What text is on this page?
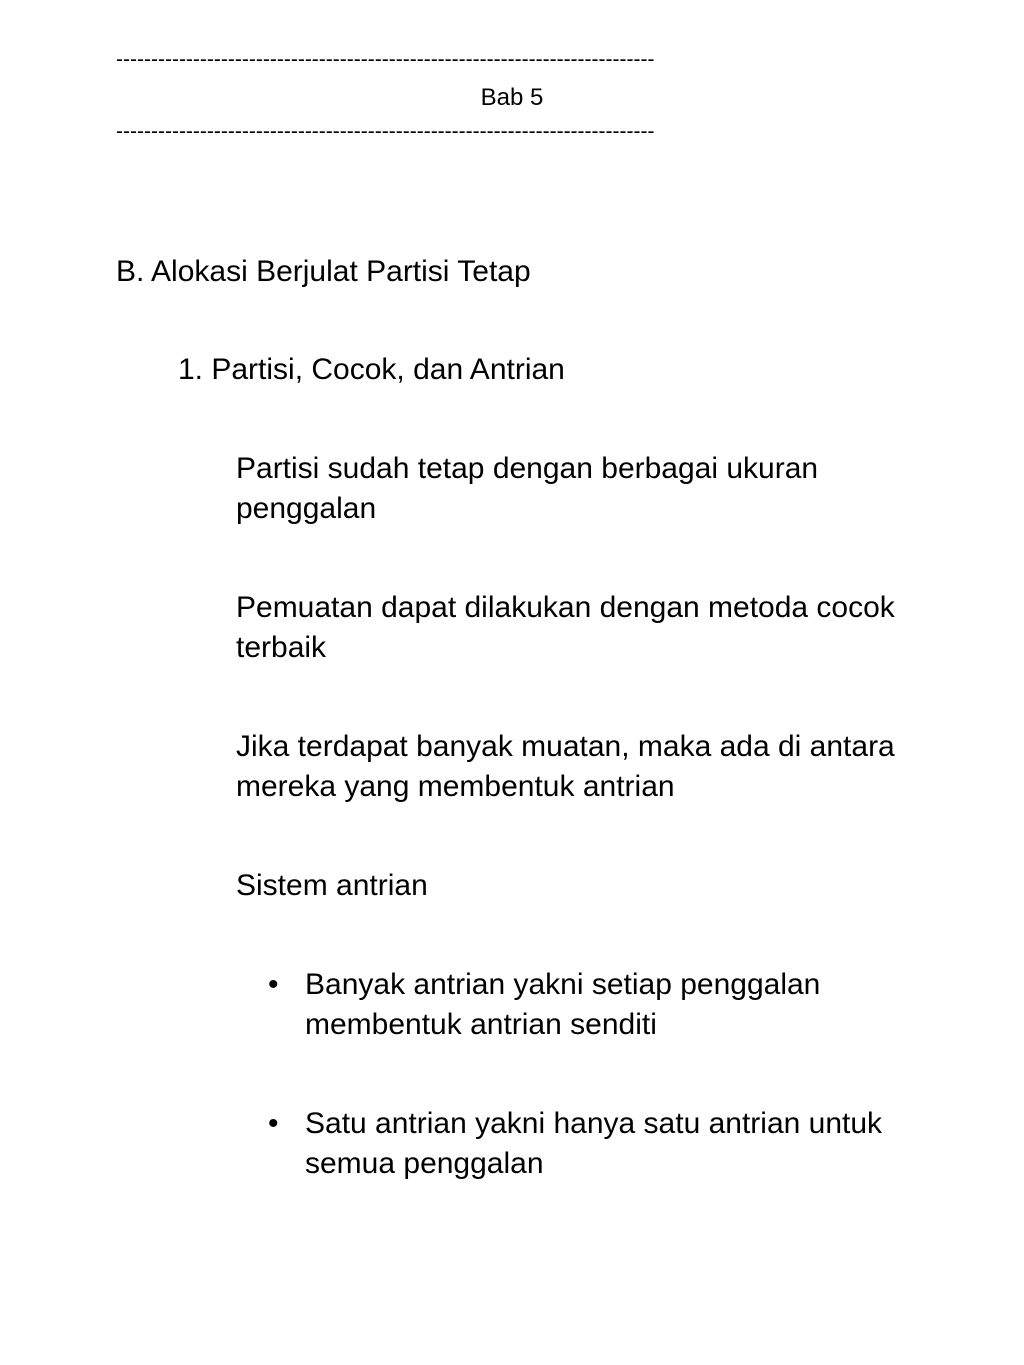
-----------------------------------------------------------------------------
Bab 5
-----------------------------------------------------------------------------

B. Alokasi Berjulat Partisi Tetap

1. Partisi, Cocok, dan Antrian

Partisi sudah tetap dengan berbagai ukuran penggalan

Pemuatan dapat dilakukan dengan metoda cocok terbaik

Jika terdapat banyak muatan, maka ada di antara mereka yang membentuk antrian

Sistem antrian

• Banyak antrian yakni setiap penggalan membentuk antrian senditi
• Satu antrian yakni hanya satu antrian untuk semua penggalan
